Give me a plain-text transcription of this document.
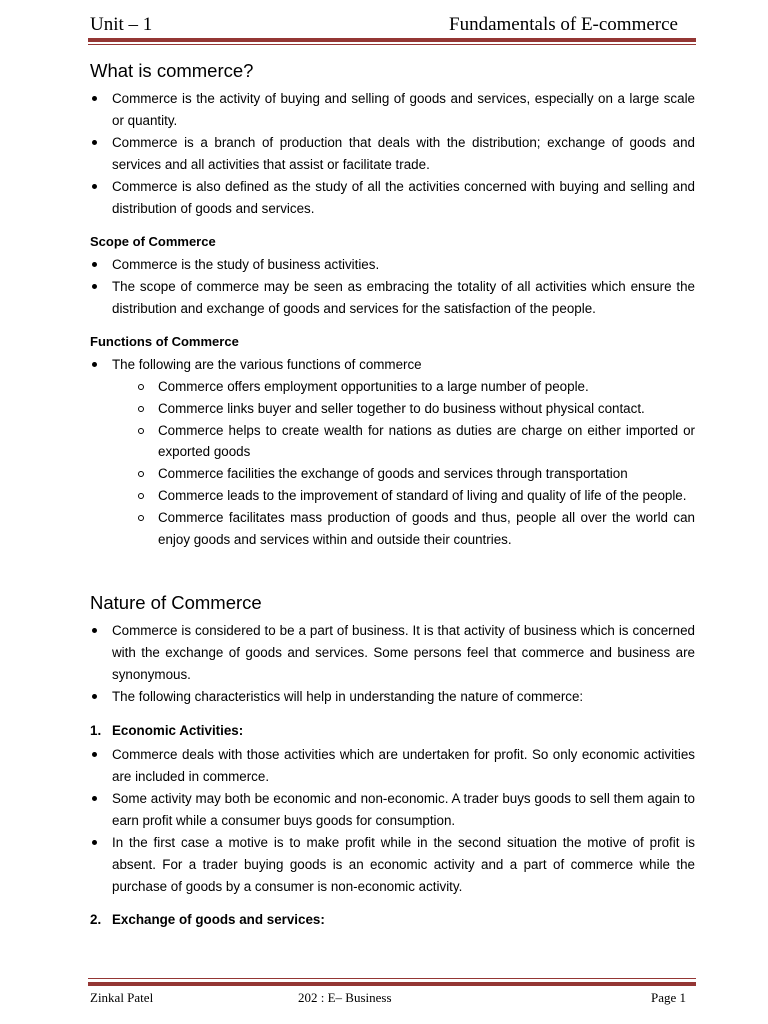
Unit – 1	Fundamentals of E-commerce
What is commerce?
Commerce is the activity of buying and selling of goods and services, especially on a large scale or quantity.
Commerce is a branch of production that deals with the distribution; exchange of goods and services and all activities that assist or facilitate trade.
Commerce is also defined as the study of all the activities concerned with buying and selling and distribution of goods and services.
Scope of Commerce
Commerce is the study of business activities.
The scope of commerce may be seen as embracing the totality of all activities which ensure the distribution and exchange of goods and services for the satisfaction of the people.
Functions of Commerce
The following are the various functions of commerce
Commerce offers employment opportunities to a large number of people.
Commerce links buyer and seller together to do business without physical contact.
Commerce helps to create wealth for nations as duties are charge on either imported or exported goods
Commerce facilities the exchange of goods and services through transportation
Commerce leads to the improvement of standard of living and quality of life of the people.
Commerce facilitates mass production of goods and thus, people all over the world can enjoy goods and services within and outside their countries.
Nature of Commerce
Commerce is considered to be a part of business. It is that activity of business which is concerned with the exchange of goods and services. Some persons feel that commerce and business are synonymous.
The following characteristics will help in understanding the nature of commerce:
1. Economic Activities:
Commerce deals with those activities which are undertaken for profit. So only economic activities are included in commerce.
Some activity may both be economic and non-economic. A trader buys goods to sell them again to earn profit while a consumer buys goods for consumption.
In the first case a motive is to make profit while in the second situation the motive of profit is absent. For a trader buying goods is an economic activity and a part of commerce while the purchase of goods by a consumer is non-economic activity.
2. Exchange of goods and services:
Zinkal Patel	202 : E– Business	Page 1
